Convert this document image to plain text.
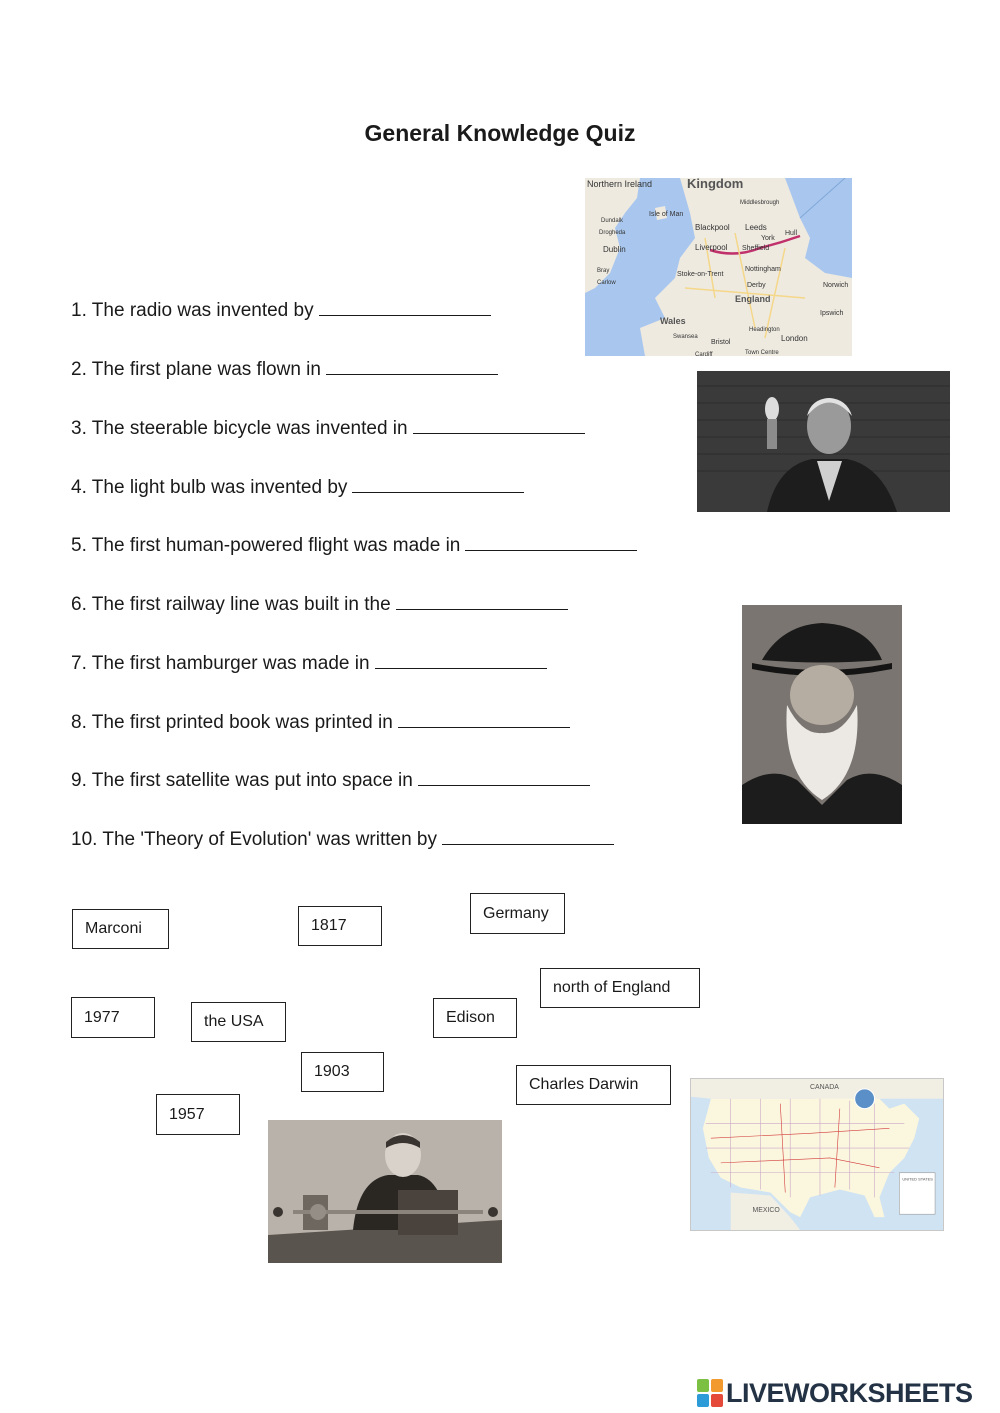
General Knowledge Quiz
1. The radio was invented by
2. The first plane was flown in
3. The steerable bicycle was invented in
4. The light bulb was invented by
5. The first human-powered flight was made in
6. The first railway line was built in the
7. The first hamburger was made in
8. The first printed book was printed in
9. The first satellite was put into space in
10. The 'Theory of Evolution' was written by
Northern Ireland	Kingdom
Isle of Man
Middlesbrough
Blackpool Leeds
York
Hull
Liverpool Sheffield
Dublin
Stoke-on-Trent
Nottingham
Derby
England
Norwich
Ipswich
Wales
Bristol	London
Cardiff	Town Centre
Swansea
Headington
Dundalk
Drogheda
Carlow
Bray
CANADA
MEXICO
UNITED STATES
Marconi	1817
Germany
north of England
1977	the USA	Edison
1903
Charles Darwin
1957
LIVEWORKSHEETS
